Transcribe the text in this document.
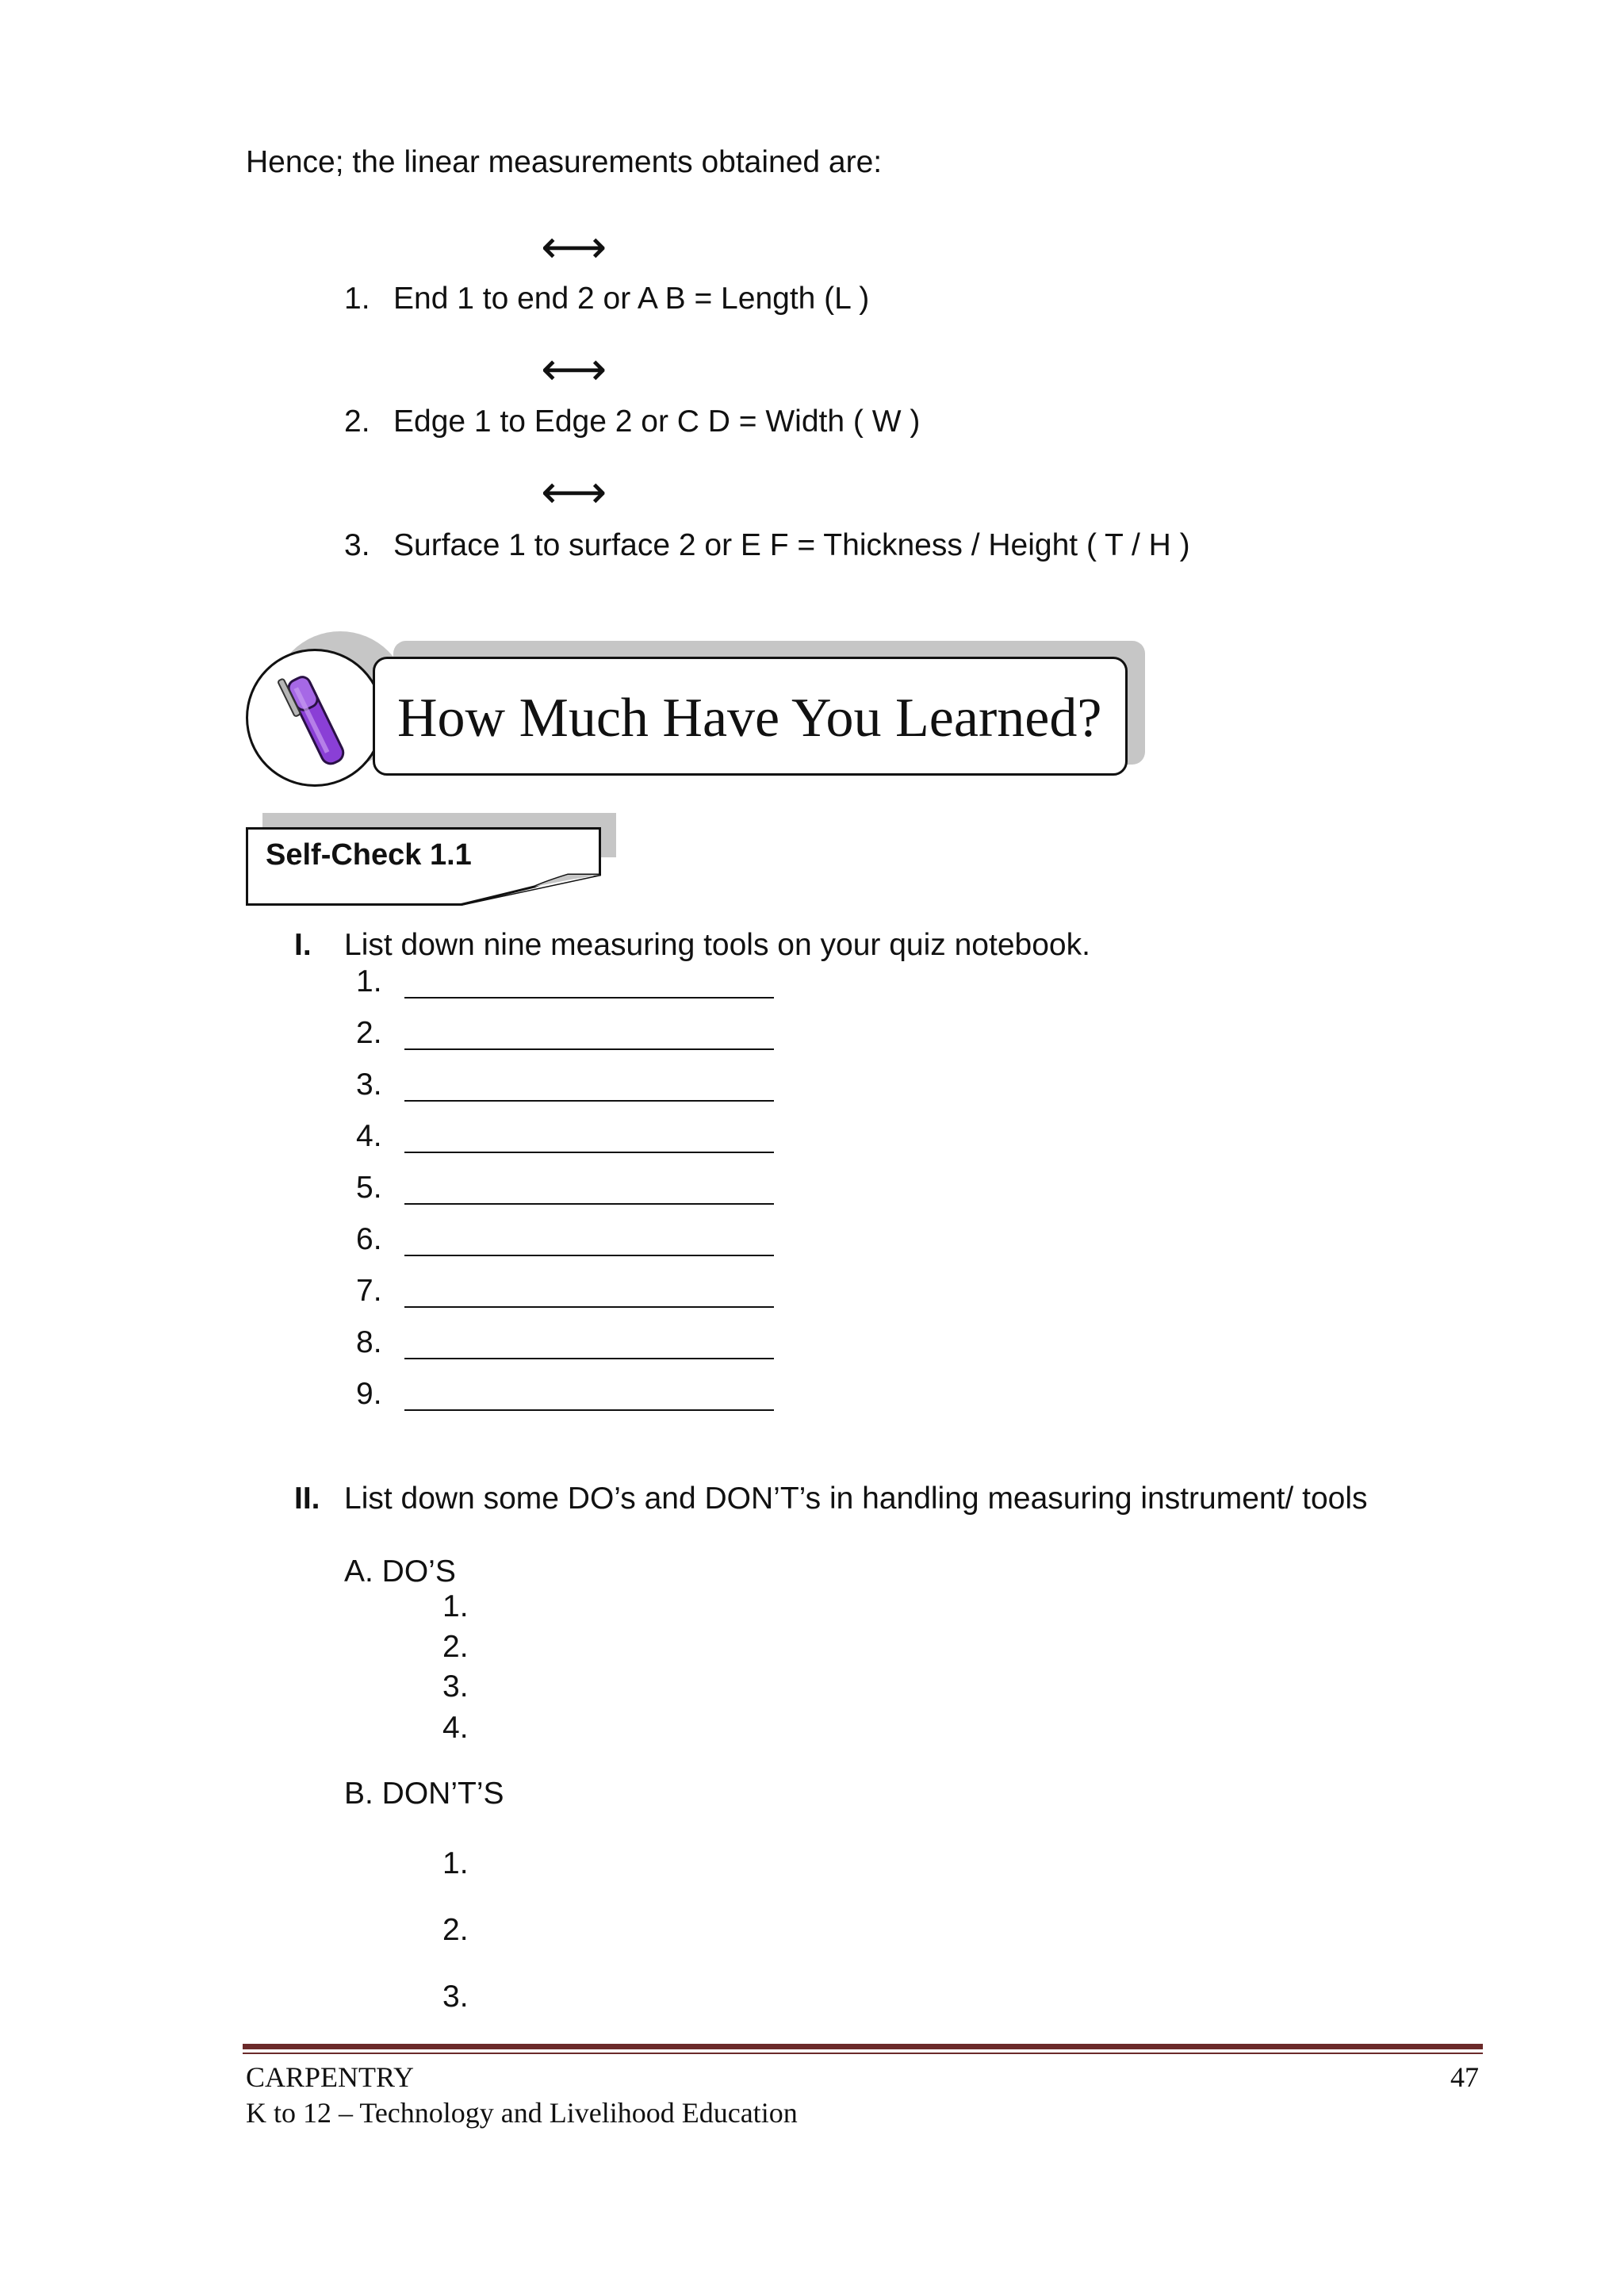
Hence; the linear measurements obtained are:
⟷
1. End 1 to end 2 or A B = Length (L )
⟷
2. Edge 1 to Edge 2 or C D = Width ( W )
⟷
3. Surface 1 to surface 2 or E F = Thickness / Height ( T / H )
How Much Have You Learned?
Self-Check 1.1
I. List down nine measuring tools on your quiz notebook.
1.
2.
3.
4.
5.
6.
7.
8.
9.
II. List down some DO’s and DON’T’s in handling measuring instrument/ tools
A. DO’S
1.
2.
3.
4.
B. DON’T’S
1.
2.
3.
CARPENTRY
K to 12 – Technology and Livelihood Education
47
